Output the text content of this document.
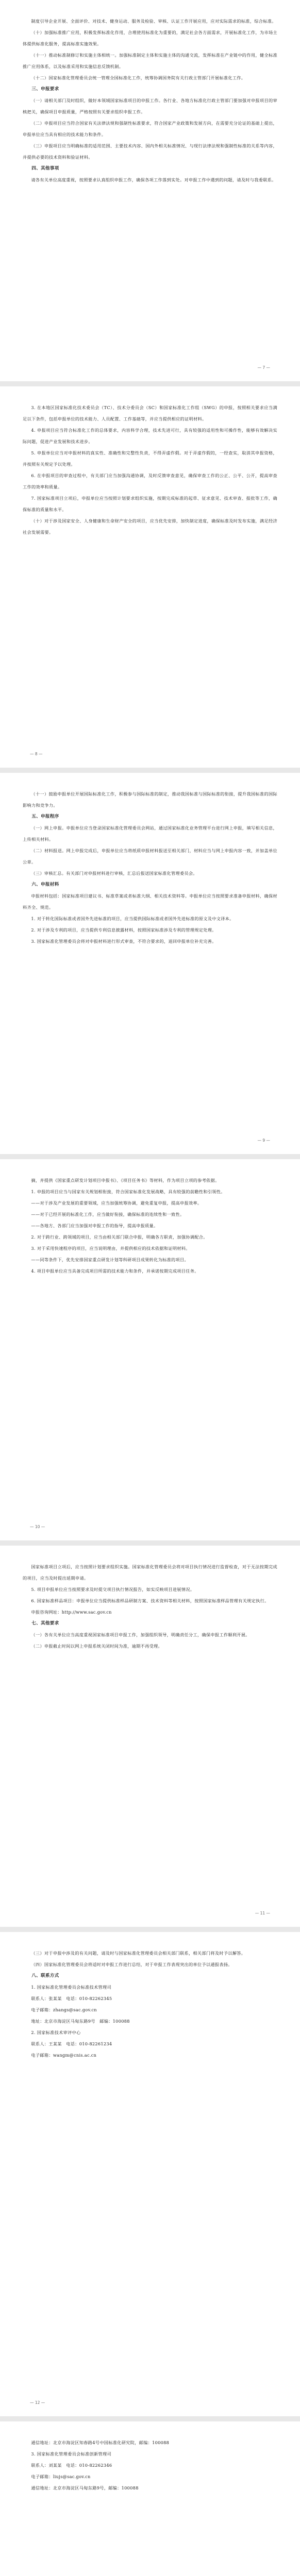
制度引导企业开展、全面评价、对技术、健身运动、服务及检验、审核、认证工作开展应用，应对实际需求的标准，综合标准。

（十）加强标准推广应用，积极发挥标准化作用，合理使用标准化为重要的，满足社会各方面需求，开展标准化工作，为市场主体提供标准化服务，提高标准实施效果。

（十一）推动标准制修订和实施主体相统一。加强标准制定主体和实施主体的沟通交流，发挥标准在产业链中的作用，健全标准推广应用体系，以及标准采用和实施信息反馈机制。

（十二）国家标准化管理委员会统一管理全国标准化工作，统筹协调国务院有关行政主管部门开展标准化工作。

三、申报要求

（一）请相关部门及时组织，做好本领域国家标准项目的申报工作。各行业、各地方标准化行政主管部门要加强对申报项目的审核把关，确保项目申报质量，严格按照有关要求组织申报工作。

（二）申报项目应当符合国家有关法律法规和强制性标准要求，符合国家产业政策和发展方向，在需要充分论证的基础上提出，申报单位应当具有相应的技术能力和条件。

（三）申报项目应当明确标准的适用范围、主要技术内容、国内外相关标准情况、与现行法律法规和强制性标准的关系等内容，并提供必要的技术资料和验证材料。

四、其他事项

请各有关单位高度重视，按照要求认真组织申报工作，确保各项工作落到实处。对申报工作中遇到的问题，请及时与我委联系。

— 7 —

3. 在本地区国家标准化技术委员会（TC）、技术分委员会（SC）和国家标准化工作组（SWG）的申报，按照相关要求应当满足以下条件，包括申报单位的技术能力、人员配置、工作基础等，并应当提供相应的证明材料。

4. 申报项目应当符合标准化工作的总体要求，内容科学合理，技术先进可行，具有较强的适用性和可操作性，能够有效解决实际问题，促进产业发展和技术进步。

5. 申报单位应当对申报材料的真实性、准确性和完整性负责，不得弄虚作假。对于弄虚作假的，一经查实，取消其申报资格，并按照有关规定予以处理。

6. 在申报项目的审查过程中，有关部门应当加强沟通协调，及时反馈审查意见，确保审查工作的公正、公平、公开，提高审查工作的效率和质量。

7. 国家标准项目立项后，申报单位应当按照计划要求组织实施，按期完成标准的起草、征求意见、技术审查、报批等工作，确保标准的质量和水平。

（十）对于涉及国家安全、人身健康和生命财产安全的项目，应当优先安排，加快制定进度，确保标准及时发布实施，满足经济社会发展需要。

— 8 —

（十一）鼓励申报单位开展国际标准化工作，积极参与国际标准的制定，推动我国标准与国际标准的衔接，提升我国标准的国际影响力和竞争力。

五、申报程序

（一）网上申报。申报单位应当登录国家标准化管理委员会网站，通过国家标准化业务管理平台进行网上申报，填写相关信息，上传相关材料。

（二）材料报送。网上申报完成后，申报单位应当将纸质申报材料报送至相关部门，材料应当与网上申报内容一致，并加盖单位公章。

（三）审核汇总。有关部门对申报材料进行审核，汇总后报送国家标准化管理委员会。

六、申报材料

申报材料包括：国家标准项目建议书、标准草案或者标准大纲、相关技术资料等。申报单位应当按照要求准备申报材料，确保材料齐全、规范。

1. 对于转化国际标准或者国外先进标准的项目，应当提供国际标准或者国外先进标准的原文及中文译本。

2. 对于涉及专利的项目，应当提供专利信息披露材料，按照国家标准涉及专利的管理规定处理。

3. 国家标准化管理委员会将对申报材料进行形式审查，不符合要求的，退回申报单位补充完善。

— 9 —

摘，并提供《国家重点研发计划项目申报书》、《项目任务书》等材料，作为项目立项的参考依据。

1. 申报的项目应当与国家有关规划相衔接，符合国家标准化发展战略，具有较强的前瞻性和引领性。

——对于涉及产业发展的重要领域，应当加强统筹协调，避免重复申报，提高申报效率。

——对于已经开展的标准化工作，应当做好衔接，确保标准的连续性和一致性。

——各地方、各部门应当加强对申报工作的指导，提高申报质量。

2. 对于跨行业、跨领域的项目，应当由相关部门联合申报，明确各方职责，加强协调配合。

3. 对于采用快速程序的项目，应当说明理由，并提供相应的技术依据和证明材料。

——同等条件下，优先安排国家重点研发计划等科研项目成果转化为标准的项目。

4. 项目申报单位应当具备完成项目所需的技术能力和条件，并承诺按期完成项目任务。

— 10 —

国家标准项目立项后，应当按照计划要求组织实施。国家标准化管理委员会将对项目执行情况进行监督检查，对于无法按期完成的项目，应当及时提出延期申请。

5. 项目申报单位应当按照要求及时提交项目执行情况报告，如实反映项目进展情况。

6. 国家标准样品项目：申报单位应当提供标准样品研制方案、技术资料等相关材料，按照国家标准样品管理有关规定执行。

申报咨询网址：http://www.sac.gov.cn

七、其他要求

（一）各有关单位应当高度重视国家标准项目申报工作，加强组织领导，明确责任分工，确保申报工作顺利开展。

（二）申报截止时间以网上申报系统关闭时间为准，逾期不再受理。

— 11 —

（三）对于申报中涉及的有关问题，请及时与国家标准化管理委员会相关部门联系，相关部门将及时予以解答。

（四）国家标准化管理委员会将适时对申报工作进行总结，对于申报工作表现突出的单位予以通报表扬。

八、联系方式

1. 国家标准化管理委员会标准技术管理司

联系人：张某某　电话：010-82262345

电子邮箱：zhangs@sac.gov.cn

地址：北京市海淀区马甸东路9号　邮编：100088

2. 国家标准技术审评中心

联系人：王某某　电话：010-82261234

电子邮箱：wangm@cnis.ac.cn

— 12 —

通信地址：北京市海淀区知春路4号中国标准化研究院，邮编：100088

3. 国家标准化管理委员会标准创新管理司

联系人：刘某某　电话：010-82262346

电子邮箱：liujs@sac.gov.cn

通信地址：北京市海淀区马甸东路9号，邮编：100088
